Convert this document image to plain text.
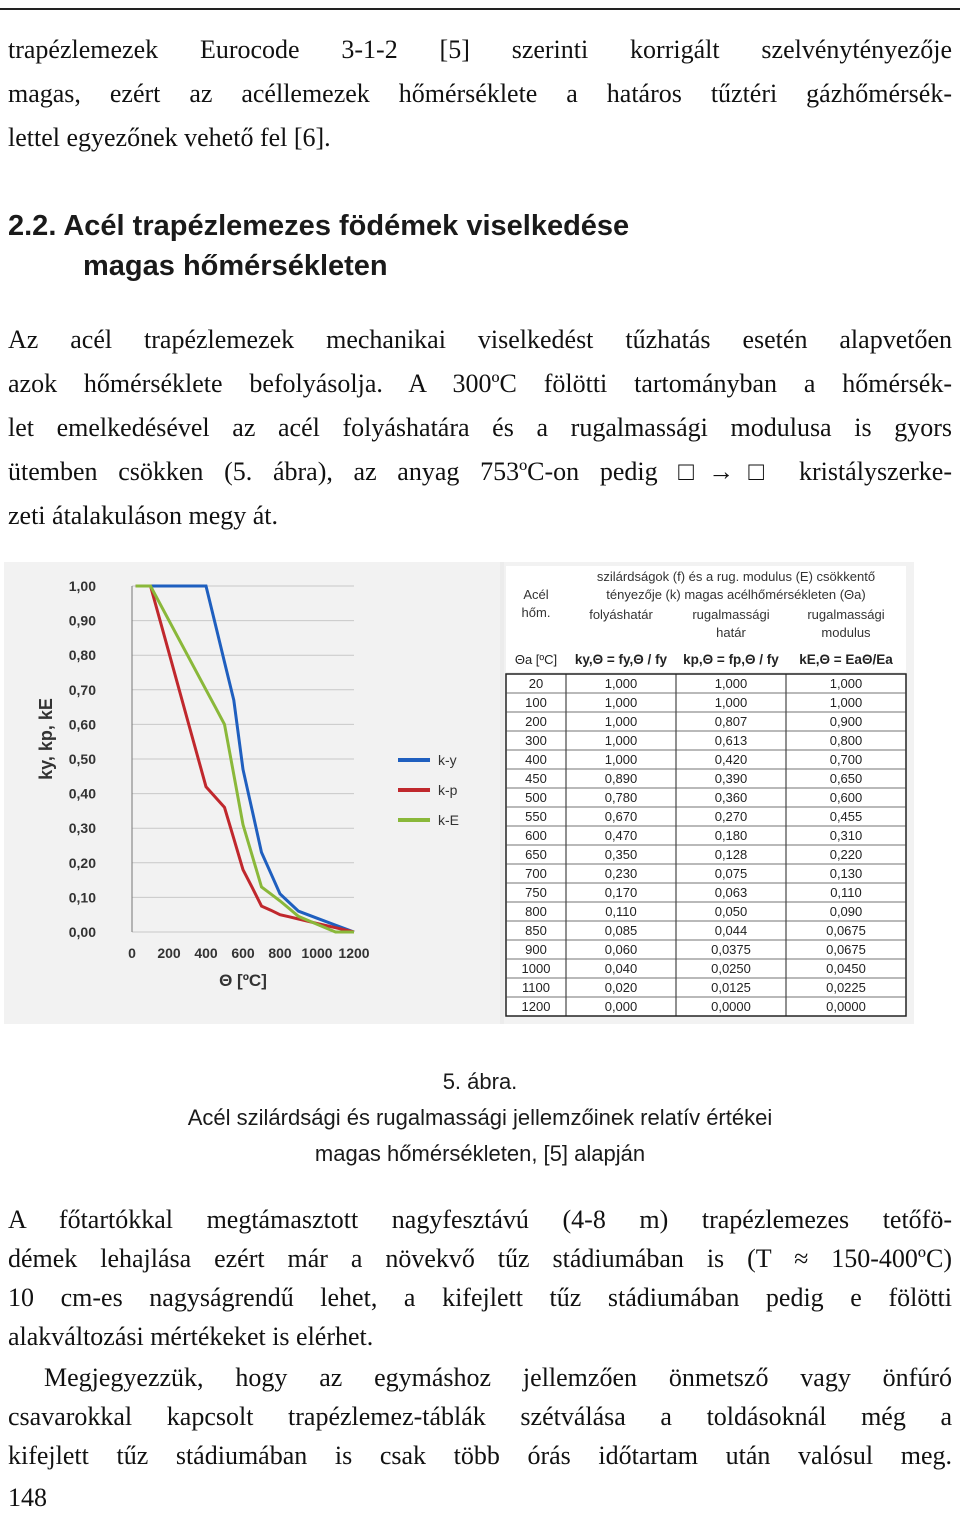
trapézlemezek Eurocode 3-1-2 [5] szerinti korrigált szelvénytényezője
magas, ezért az acéllemezek hőmérséklete a határos tűztéri gázhőmérsék-
lettel egyezőnek vehető fel [6].
2.2. Acél trapézlemezes födémek viselkedése
magas hőmérsékleten
Az acél trapézlemezek mechanikai viselkedést tűzhatás esetén alapvetően
azok hőmérséklete befolyásolja. A 300ºC fölötti tartományban a hőmérsék-
let emelkedésével az acél folyáshatára és a rugalmassági modulusa is gyors
ütemben csökken (5. ábra), az anyag 753ºC-on pedig □→□ kristályszerke-
zeti átalakuláson megy át.
0,00
0,10
0,20
0,30
0,40
0,50
0,60
0,70
0,80
0,90
1,00
0 200 400 600 800 1000 1200
Θ [ºC]
ky, kp, kE	k-y
k-p
k-E
szilárdságok (f) és a rug. modulus (E) csökkentő
tényezője (k) magas acélhőmérsékleten (Θa)
Acél
hőm.	folyáshatár	rugalmassági
határ
rugalmassági
modulus
Θa [ºC] ky,Θ = fy,Θ / fy kp,Θ = fp,Θ / fy kE,Θ = EaΘ/Ea
20	1,000	1,000	1,000
100	1,000	1,000	1,000
200	1,000	0,807	0,900
300	1,000	0,613	0,800
400	1,000	0,420	0,700
450	0,890	0,390	0,650
500	0,780	0,360	0,600
550	0,670	0,270	0,455
600	0,470	0,180	0,310
650	0,350	0,128	0,220
700	0,230	0,075	0,130
750	0,170	0,063	0,110
800	0,110	0,050	0,090
850	0,085	0,044	0,0675
900	0,060	0,0375	0,0675
1000	0,040	0,0250	0,0450
1100	0,020	0,0125	0,0225
1200	0,000	0,0000	0,0000
5. ábra.
Acél szilárdsági és rugalmassági jellemzőinek relatív értékei
magas hőmérsékleten, [5] alapján
A főtartókkal megtámasztott nagyfesztávú (4-8 m) trapézlemezes tetőfö-
démek lehajlása ezért már a növekvő tűz stádiumában is (T ≈ 150-400ºC)
10 cm-es nagyságrendű lehet, a kifejlett tűz stádiumában pedig e fölötti
alakváltozási mértékeket is elérhet.
Megjegyezzük, hogy az egymáshoz jellemzően önmetsző vagy önfúró
csavarokkal kapcsolt trapézlemez-táblák szétválása a toldásoknál még a
kifejlett tűz stádiumában is csak több órás időtartam után valósul meg.
148
